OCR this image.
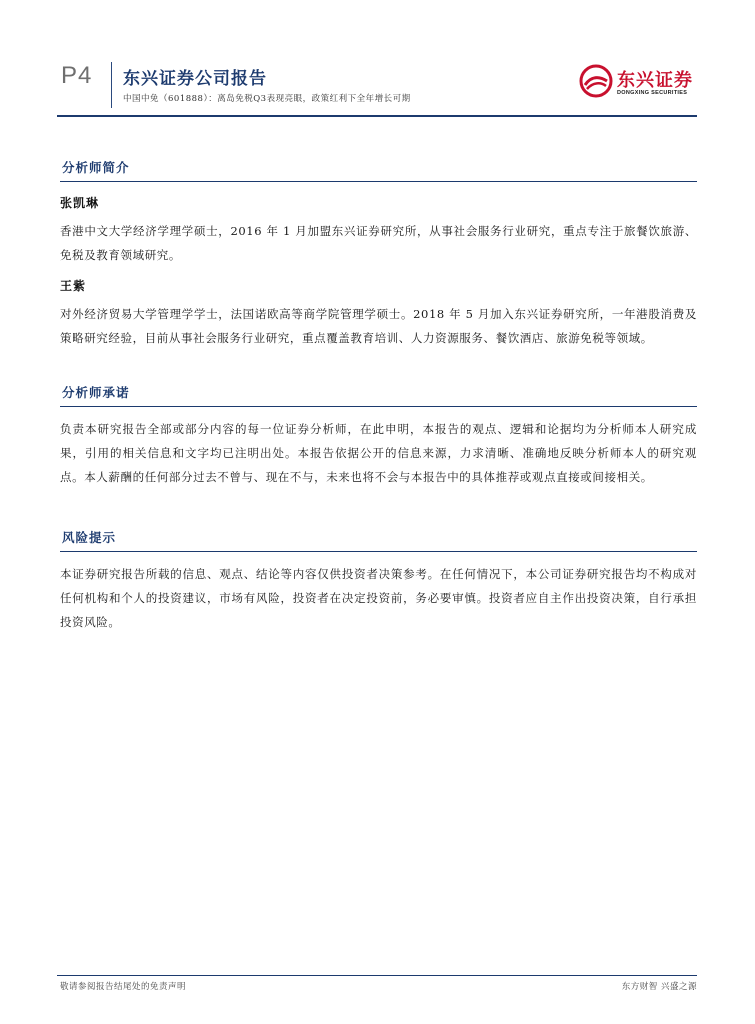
P4 东兴证券公司报告
中国中免（601888）：离岛免税Q3表现亮眼，政策红利下全年增长可期
东兴证券
DONGXING SECURITIES
分析师简介
张凯琳
香港中文大学经济学理学硕士，2016 年 1 月加盟东兴证券研究所，从事社会服务行业研究，重点专注于旅餐饮旅游、免税及教育领域研究。
王紫
对外经济贸易大学管理学学士，法国诺欧高等商学院管理学硕士。2018 年 5 月加入东兴证券研究所，一年港股消费及策略研究经验，目前从事社会服务行业研究，重点覆盖教育培训、人力资源服务、餐饮酒店、旅游免税等领域。
分析师承诺
负责本研究报告全部或部分内容的每一位证券分析师，在此申明，本报告的观点、逻辑和论据均为分析师本人研究成果，引用的相关信息和文字均已注明出处。本报告依据公开的信息来源，力求清晰、准确地反映分析师本人的研究观点。本人薪酬的任何部分过去不曾与、现在不与，未来也将不会与本报告中的具体推荐或观点直接或间接相关。
风险提示
本证券研究报告所载的信息、观点、结论等内容仅供投资者决策参考。在任何情况下，本公司证券研究报告均不构成对任何机构和个人的投资建议，市场有风险，投资者在决定投资前，务必要审慎。投资者应自主作出投资决策，自行承担投资风险。
敬请参阅报告结尾处的免责声明	东方财智 兴盛之源
